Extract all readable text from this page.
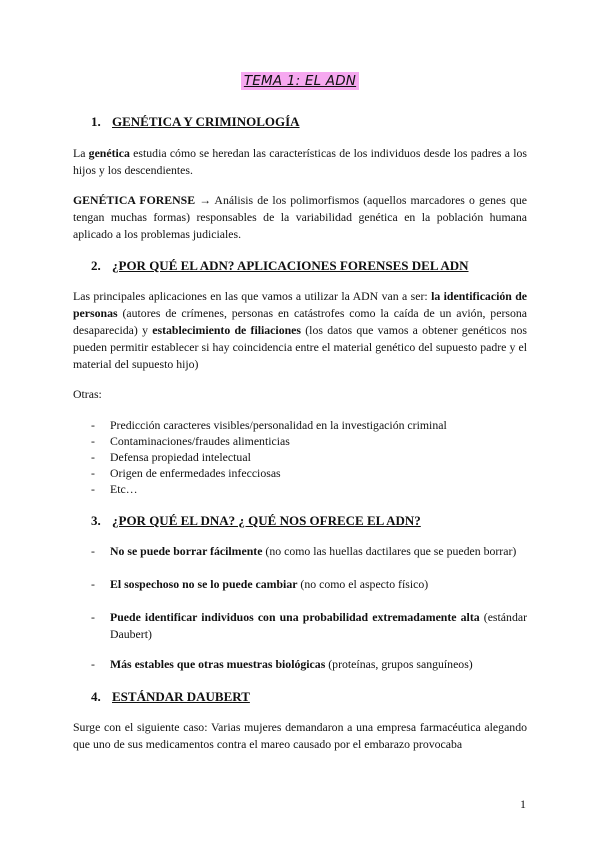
TEMA 1: EL ADN
1. GENÉTICA Y CRIMINOLOGÍA
La genética estudia cómo se heredan las características de los individuos desde los padres a los hijos y los descendientes.
GENÉTICA FORENSE → Análisis de los polimorfismos (aquellos marcadores o genes que tengan muchas formas) responsables de la variabilidad genética en la población humana aplicado a los problemas judiciales.
2. ¿POR QUÉ EL ADN? APLICACIONES FORENSES DEL ADN
Las principales aplicaciones en las que vamos a utilizar la ADN van a ser: la identificación de personas (autores de crímenes, personas en catástrofes como la caída de un avión, persona desaparecida) y establecimiento de filiaciones (los datos que vamos a obtener genéticos nos pueden permitir establecer si hay coincidencia entre el material genético del supuesto padre y el material del supuesto hijo)
Otras:
- Predicción caracteres visibles/personalidad en la investigación criminal
- Contaminaciones/fraudes alimenticias
- Defensa propiedad intelectual
- Origen de enfermedades infecciosas
- Etc…
3. ¿POR QUÉ EL DNA? ¿ QUÉ NOS OFRECE EL ADN?
- No se puede borrar fácilmente (no como las huellas dactilares que se pueden borrar)
- El sospechoso no se lo puede cambiar (no como el aspecto físico)
- Puede identificar individuos con una probabilidad extremadamente alta (estándar Daubert)
- Más estables que otras muestras biológicas (proteínas, grupos sanguíneos)
4. ESTÁNDAR DAUBERT
Surge con el siguiente caso: Varias mujeres demandaron a una empresa farmacéutica alegando que uno de sus medicamentos contra el mareo causado por el embarazo provocaba
1
